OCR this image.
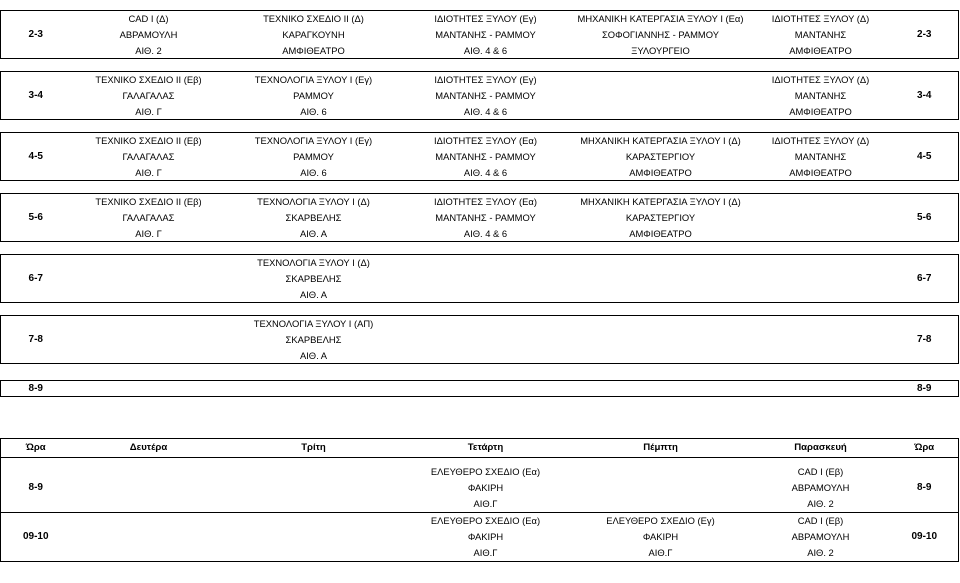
2-3	CAD I (Δ)	ΤΕΧΝΙΚΟ ΣΧΕΔΙΟ ΙΙ (Δ)	ΙΔΙΟΤΗΤΕΣ ΞΥΛΟΥ (Εγ)	ΜΗΧΑΝΙΚΗ ΚΑΤΕΡΓΑΣΙΑ ΞΥΛΟΥ Ι (Εα)	ΙΔΙΟΤΗΤΕΣ ΞΥΛΟΥ (Δ)	2-3
	ΑΒΡΑΜΟΥΛΗ	ΚΑΡΑΓΚΟΥΝΗ	ΜΑΝΤΑΝΗΣ - ΡΑΜΜΟΥ	ΣΟΦΟΓΙΑΝΝΗΣ - ΡΑΜΜΟΥ	ΜΑΝΤΑΝΗΣ	
	ΑΙΘ. 2	ΑΜΦΙΘΕΑΤΡΟ	ΑΙΘ. 4 & 6	ΞΥΛΟΥΡΓΕΙΟ	ΑΜΦΙΘΕΑΤΡΟ	

3-4	ΤΕΧΝΙΚΟ ΣΧΕΔΙΟ ΙΙ (Εβ)	ΤΕΧΝΟΛΟΓΙΑ ΞΥΛΟΥ Ι (Εγ)	ΙΔΙΟΤΗΤΕΣ ΞΥΛΟΥ (Εγ)		ΙΔΙΟΤΗΤΕΣ ΞΥΛΟΥ (Δ)	3-4
	ΓΑΛΑΓΑΛΑΣ	ΡΑΜΜΟΥ	ΜΑΝΤΑΝΗΣ - ΡΑΜΜΟΥ		ΜΑΝΤΑΝΗΣ	
	ΑΙΘ. Γ	ΑΙΘ. 6	ΑΙΘ. 4 & 6		ΑΜΦΙΘΕΑΤΡΟ	

4-5	ΤΕΧΝΙΚΟ ΣΧΕΔΙΟ ΙΙ (Εβ)	ΤΕΧΝΟΛΟΓΙΑ ΞΥΛΟΥ Ι (Εγ)	ΙΔΙΟΤΗΤΕΣ ΞΥΛΟΥ (Εα)	ΜΗΧΑΝΙΚΗ ΚΑΤΕΡΓΑΣΙΑ ΞΥΛΟΥ Ι (Δ)	ΙΔΙΟΤΗΤΕΣ ΞΥΛΟΥ (Δ)	4-5
	ΓΑΛΑΓΑΛΑΣ	ΡΑΜΜΟΥ	ΜΑΝΤΑΝΗΣ - ΡΑΜΜΟΥ	ΚΑΡΑΣΤΕΡΓΙΟΥ	ΜΑΝΤΑΝΗΣ	
	ΑΙΘ. Γ	ΑΙΘ. 6	ΑΙΘ. 4 & 6	ΑΜΦΙΘΕΑΤΡΟ	ΑΜΦΙΘΕΑΤΡΟ	

5-6	ΤΕΧΝΙΚΟ ΣΧΕΔΙΟ ΙΙ (Εβ)	ΤΕΧΝΟΛΟΓΙΑ ΞΥΛΟΥ Ι (Δ)	ΙΔΙΟΤΗΤΕΣ ΞΥΛΟΥ (Εα)	ΜΗΧΑΝΙΚΗ ΚΑΤΕΡΓΑΣΙΑ ΞΥΛΟΥ Ι (Δ)		5-6
	ΓΑΛΑΓΑΛΑΣ	ΣΚΑΡΒΕΛΗΣ	ΜΑΝΤΑΝΗΣ - ΡΑΜΜΟΥ	ΚΑΡΑΣΤΕΡΓΙΟΥ		
	ΑΙΘ. Γ	ΑΙΘ. Α	ΑΙΘ. 4 & 6	ΑΜΦΙΘΕΑΤΡΟ		

6-7		ΤΕΧΝΟΛΟΓΙΑ ΞΥΛΟΥ Ι (Δ)				6-7
		ΣΚΑΡΒΕΛΗΣ				
		ΑΙΘ. Α				

7-8		ΤΕΧΝΟΛΟΓΙΑ ΞΥΛΟΥ Ι (ΑΠ)				7-8
		ΣΚΑΡΒΕΛΗΣ				
		ΑΙΘ. Α				

8-9						8-9
Ώρα	Δευτέρα	Τρίτη	Τετάρτη	Πέμπτη	Παρασκευή	Ώρα

8-9			ΕΛΕΥΘΕΡΟ ΣΧΕΔΙΟ (Εα)		CAD I (Εβ)	8-9
			ΦΑΚΙΡΗ		ΑΒΡΑΜΟΥΛΗ	
			ΑΙΘ.Γ		ΑΙΘ. 2	
09-10			ΕΛΕΥΘΕΡΟ ΣΧΕΔΙΟ (Εα)	ΕΛΕΥΘΕΡΟ ΣΧΕΔΙΟ (Εγ)	CAD I (Εβ)	09-10
			ΦΑΚΙΡΗ	ΦΑΚΙΡΗ	ΑΒΡΑΜΟΥΛΗ	
			ΑΙΘ.Γ	ΑΙΘ.Γ	ΑΙΘ. 2	
